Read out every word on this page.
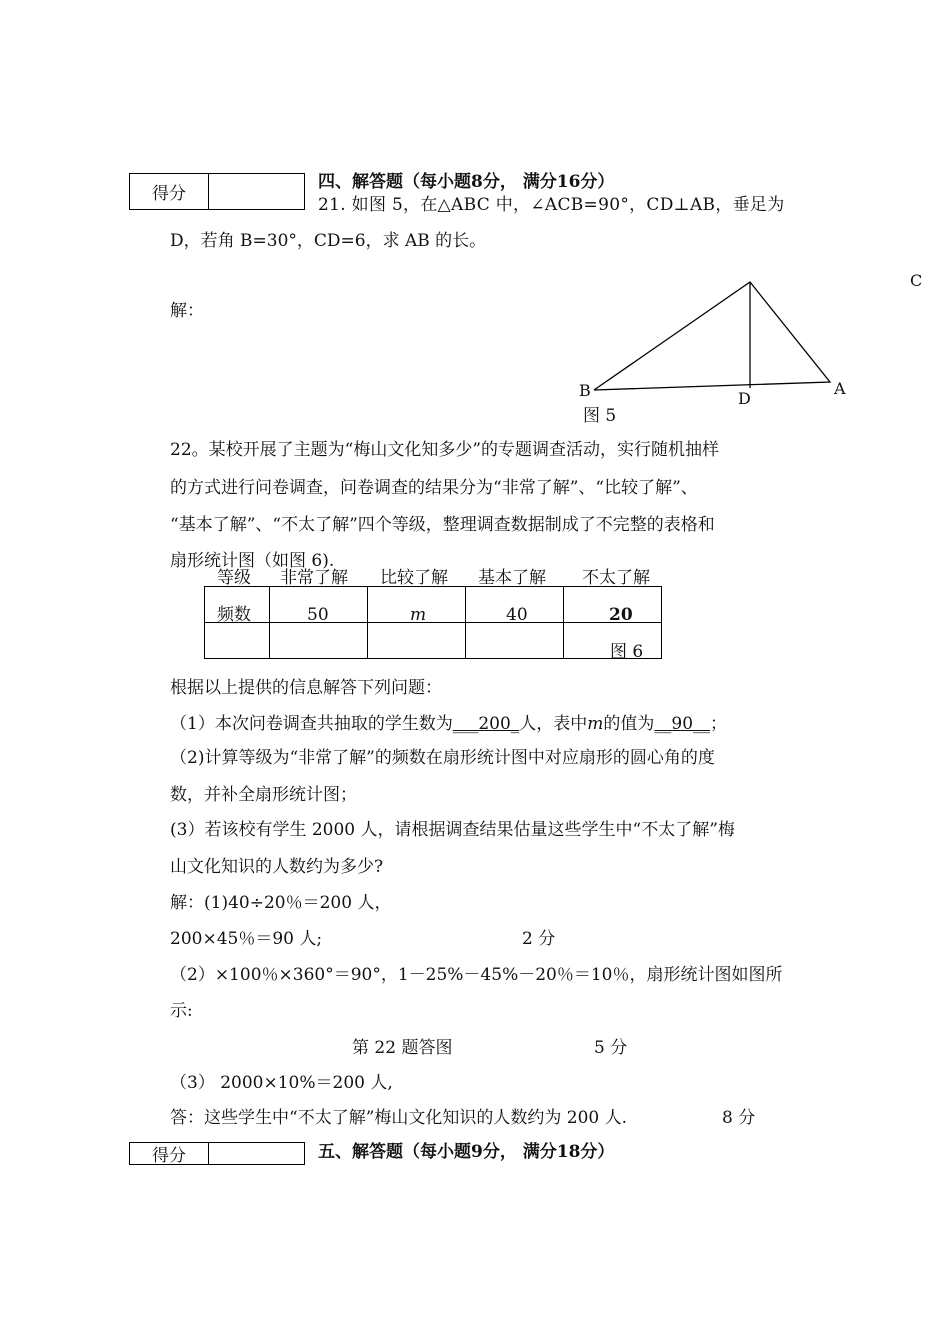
得分
四、解答题（每小题8分， 满分16分）
21. 如图 5，在△ABC 中，∠ACB=90°，CD⊥AB，垂足为
D，若角 B=30°，CD=6，求 AB 的长。
解：
C
B	D
A
图 5
22。某校开展了主题为“梅山文化知多少”的专题调查活动，实行随机抽样
的方式进行问卷调查，问卷调查的结果分为“非常了解”、“比较了解”、
“基本了解”、“不太了解”四个等级，整理调查数据制成了不完整的表格和
扇形统计图（如图 6).

等级 非常了解 比较了解 基本了解 不太了解
频数	50	m	40	20
图 6
根据以上提供的信息解答下列问题：
（1）本次问卷调查共抽取的学生数为___200_人，表中m的值为__90__；
（2)计算等级为“非常了解”的频数在扇形统计图中对应扇形的圆心角的度
数，并补全扇形统计图；
(3）若该校有学生 2000 人，请根据调查结果估量这些学生中“不太了解”梅
山文化知识的人数约为多少?
解：(1)40÷20％＝200 人，
200×45％＝90 人;	2 分
（2）×100％×360°＝90°，1－25%－45%－20％＝10％，扇形统计图如图所
示:
第 22 题答图	5 分
（3） 2000×10%＝200 人,
答：这些学生中“不太了解”梅山文化知识的人数约为 200 人.	8 分
得分	五、解答题（每小题9分， 满分18分）
